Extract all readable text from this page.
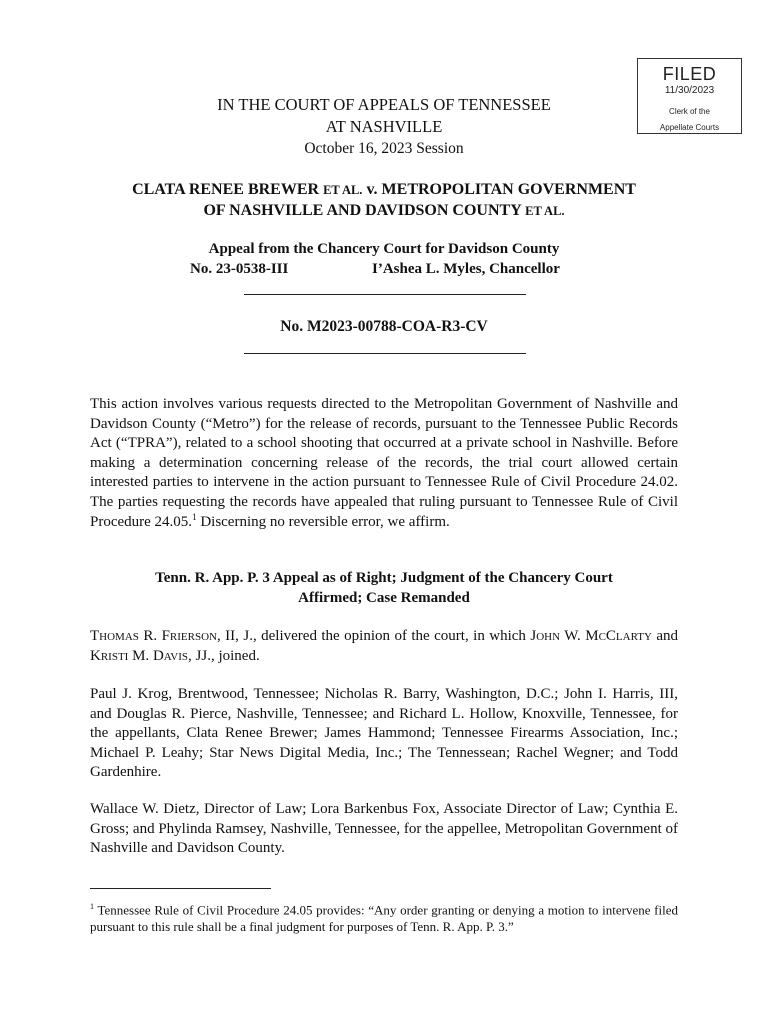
FILED
11/30/2023
Clerk of the
Appellate Courts
IN THE COURT OF APPEALS OF TENNESSEE
AT NASHVILLE
October 16, 2023 Session
CLATA RENEE BREWER ET AL. v. METROPOLITAN GOVERNMENT
OF NASHVILLE AND DAVIDSON COUNTY ET AL.
Appeal from the Chancery Court for Davidson County
No. 23-0538-III	I’Ashea L. Myles, Chancellor
No. M2023-00788-COA-R3-CV

This action involves various requests directed to the Metropolitan Government of Nashville and Davidson County (“Metro”) for the release of records, pursuant to the Tennessee Public Records Act (“TPRA”), related to a school shooting that occurred at a private school in Nashville. Before making a determination concerning release of the records, the trial court allowed certain interested parties to intervene in the action pursuant to Tennessee Rule of Civil Procedure 24.02. The parties requesting the records have appealed that ruling pursuant to Tennessee Rule of Civil Procedure 24.05.$^1$ Discerning no reversible error, we affirm.

Tenn. R. App. P. 3 Appeal as of Right; Judgment of the Chancery Court
Affirmed; Case Remanded

Thomas R. Frierson, II, J., delivered the opinion of the court, in which John W. McClarty and Kristi M. Davis, JJ., joined.

Paul J. Krog, Brentwood, Tennessee; Nicholas R. Barry, Washington, D.C.; John I. Harris, III, and Douglas R. Pierce, Nashville, Tennessee; and Richard L. Hollow, Knoxville, Tennessee, for the appellants, Clata Renee Brewer; James Hammond; Tennessee Firearms Association, Inc.; Michael P. Leahy; Star News Digital Media, Inc.; The Tennessean; Rachel Wegner; and Todd Gardenhire.

Wallace W. Dietz, Director of Law; Lora Barkenbus Fox, Associate Director of Law; Cynthia E. Gross; and Phylinda Ramsey, Nashville, Tennessee, for the appellee, Metropolitan Government of Nashville and Davidson County.

$^1$ Tennessee Rule of Civil Procedure 24.05 provides: “Any order granting or denying a motion to intervene filed pursuant to this rule shall be a final judgment for purposes of Tenn. R. App. P. 3.”
